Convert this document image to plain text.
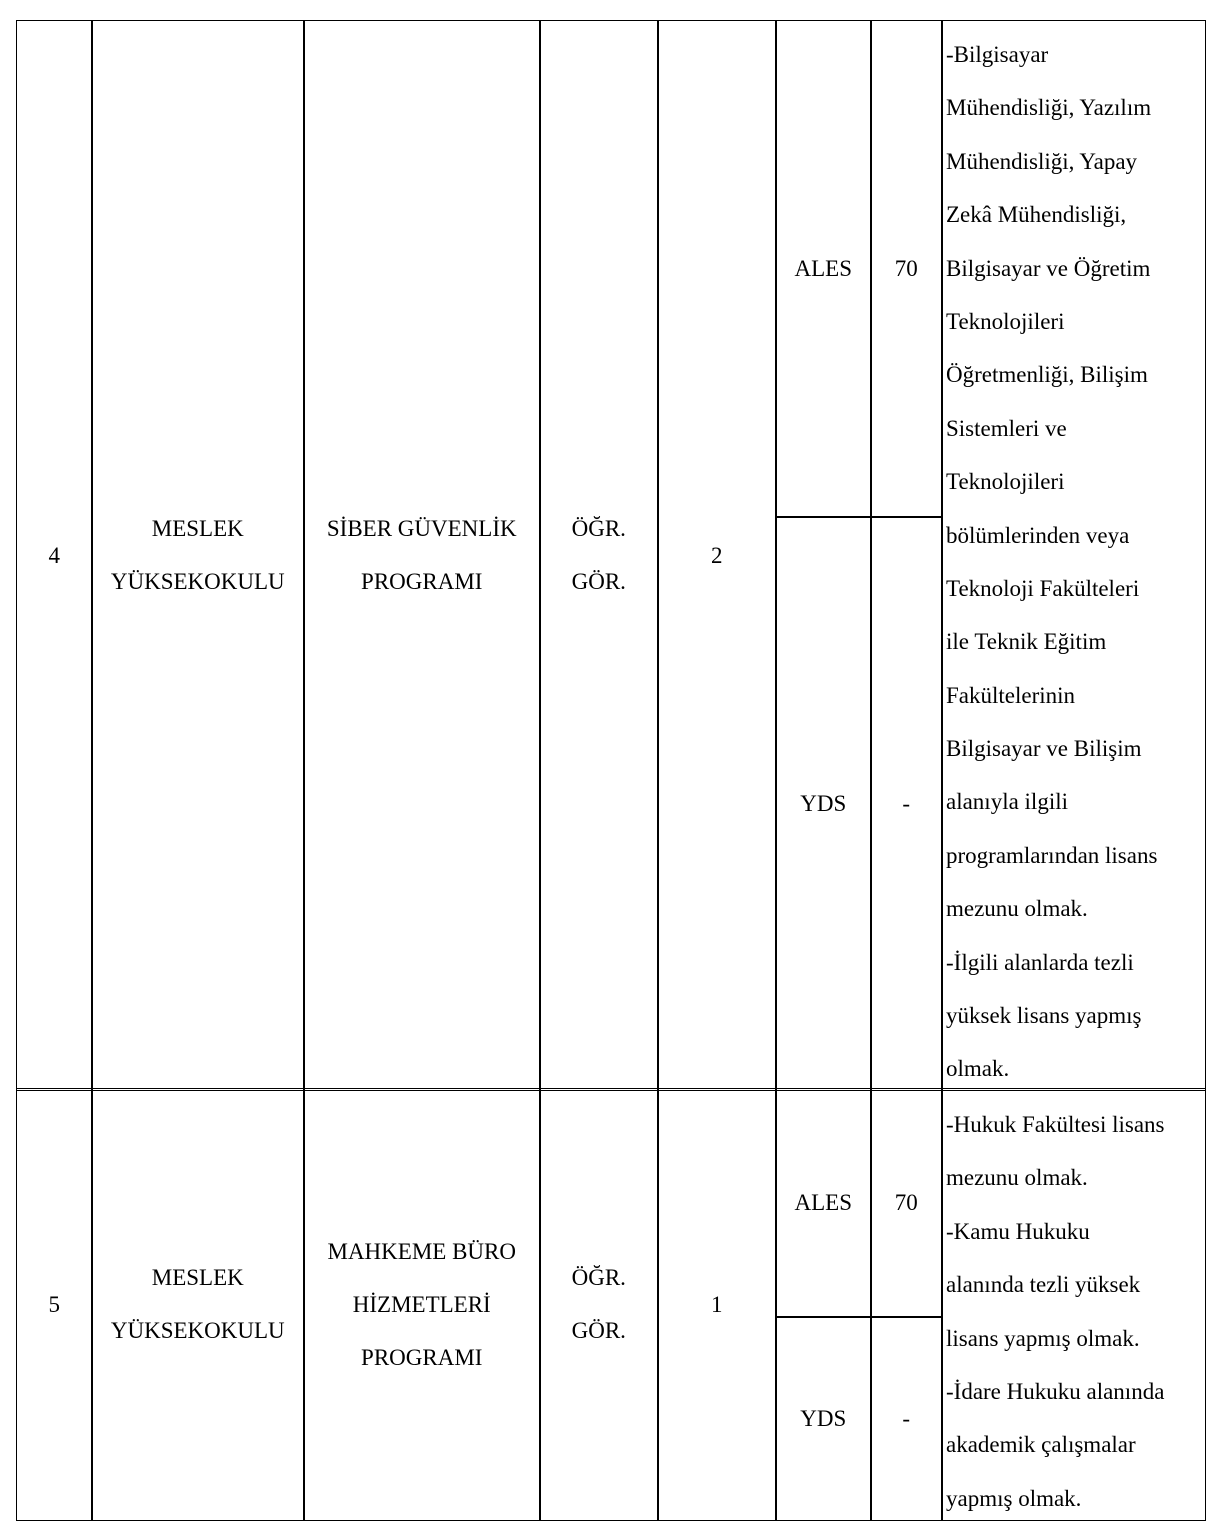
4
MESLEK
YÜKSEKOKULU
SİBER GÜVENLİK
PROGRAMI
ÖĞR.
GÖR.
2
ALES 70
YDS -
-Bilgisayar
Mühendisliği, Yazılım
Mühendisliği, Yapay
Zekâ Mühendisliği,
Bilgisayar ve Öğretim
Teknolojileri
Öğretmenliği, Bilişim
Sistemleri ve
Teknolojileri
bölümlerinden veya
Teknoloji Fakülteleri
ile Teknik Eğitim
Fakültelerinin
Bilgisayar ve Bilişim
alanıyla ilgili
programlarından lisans
mezunu olmak.
-İlgili alanlarda tezli
yüksek lisans yapmış
olmak.
5
MESLEK
YÜKSEKOKULU
MAHKEME BÜRO
HİZMETLERİ
PROGRAMI
ÖĞR.
GÖR.
1
ALES 70
YDS -
-Hukuk Fakültesi lisans
mezunu olmak.
-Kamu Hukuku
alanında tezli yüksek
lisans yapmış olmak.
-İdare Hukuku alanında
akademik çalışmalar
yapmış olmak.
